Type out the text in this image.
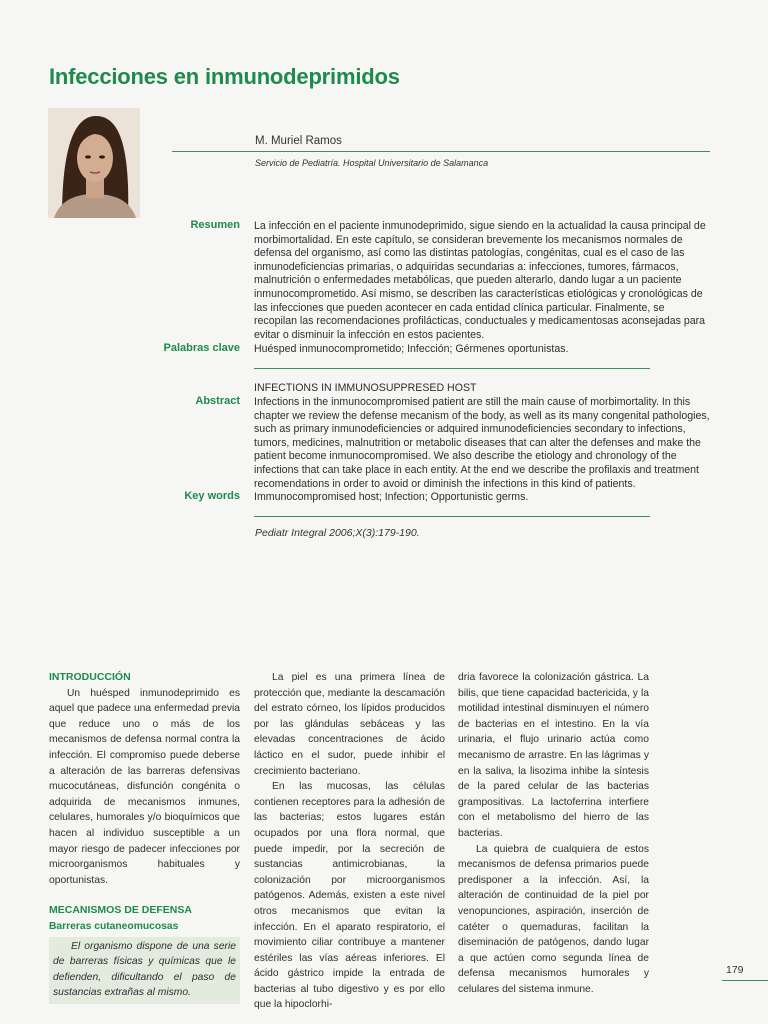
Infecciones en inmunodeprimidos
M. Muriel Ramos
Servicio de Pediatría. Hospital Universitario de Salamanca
Resumen La infección en el paciente inmunodeprimido, sigue siendo en la actualidad la causa principal de morbimortalidad. En este capítulo, se consideran brevemente los mecanismos normales de defensa del organismo, así como las distintas patologías, congénitas, cual es el caso de las inmunodeficiencias primarias, o adquiridas secundarias a: infecciones, tumores, fármacos, malnutrición o enfermedades metabólicas, que pueden alterarlo, dando lugar a un paciente inmunocomprometido. Así mismo, se describen las características etiológicas y cronológicas de las infecciones que pueden acontecer en cada entidad clínica particular. Finalmente, se recopilan las recomendaciones profilácticas, conductuales y medicamentosas aconsejadas para evitar o disminuir la infección en estos pacientes.

Palabras clave Huésped inmunocomprometido; Infección; Gérmenes oportunistas.

INFECTIONS IN IMMUNOSUPPRESED HOST

Abstract Infections in the inmunocompromised patient are still the main cause of morbimortality. In this chapter we review the defense mecanism of the body, as well as its many congenital pathologies, such as primary inmunodeficiencies or adquired inmunodeficiencies secondary to infections, tumors, medicines, malnutrition or metabolic diseases that can alter the defenses and make the patient become inmunocompromised. We also describe the etiology and chronology of the infections that can take place in each entity. At the end we describe the profilaxis and treatment recomendations in order to avoid or diminish the infections in this kind of patients.

Key words Immunocompromised host; Infection; Opportunistic germs.

Pediatr Integral 2006;X(3):179-190.
INTRODUCCIÓN

Un huésped inmunodeprimido es aquel que padece una enfermedad previa que reduce uno o más de los mecanismos de defensa normal contra la infección. El compromiso puede deberse a alteración de las barreras defensivas mucocutáneas, disfunción congénita o adquirida de mecanismos inmunes, celulares, humorales y/o bioquímicos que hacen al individuo susceptible a un mayor riesgo de padecer infecciones por microorganismos habituales y oportunistas.

MECANISMOS DE DEFENSA
Barreras cutaneomucosas
El organismo dispone de una serie de barreras físicas y químicas que le defienden, dificultando el paso de sustancias extrañas al mismo.

La piel es una primera línea de protección que, mediante la descamación del estrato córneo, los lípidos producidos por las glándulas sebáceas y las elevadas concentraciones de ácido láctico en el sudor, puede inhibir el crecimiento bacteriano.

En las mucosas, las células contienen receptores para la adhesión de las bacterias; estos lugares están ocupados por una flora normal, que puede impedir, por la secreción de sustancias antimicrobianas, la colonización por microorganismos patógenos. Además, existen a este nivel otros mecanismos que evitan la infección. En el aparato respiratorio, el movimiento ciliar contribuye a mantener estériles las vías aéreas inferiores. El ácido gástrico impide la entrada de bacterias al tubo digestivo y es por ello que la hipoclorhi-

dria favorece la colonización gástrica. La bilis, que tiene capacidad bactericida, y la motilidad intestinal disminuyen el número de bacterias en el intestino. En la vía urinaria, el flujo urinario actúa como mecanismo de arrastre. En las lágrimas y en la saliva, la lisozima inhibe la síntesis de la pared celular de las bacterias grampositivas. La lactoferrina interfiere con el metabolismo del hierro de las bacterias.

La quiebra de cualquiera de estos mecanismos de defensa primarios puede predisponer a la infección. Así, la alteración de continuidad de la piel por venopunciones, aspiración, inserción de catéter o quemaduras, facilitan la diseminación de patógenos, dando lugar a que actúen como segunda línea de defensa mecanismos humorales y celulares del sistema inmune.

179
